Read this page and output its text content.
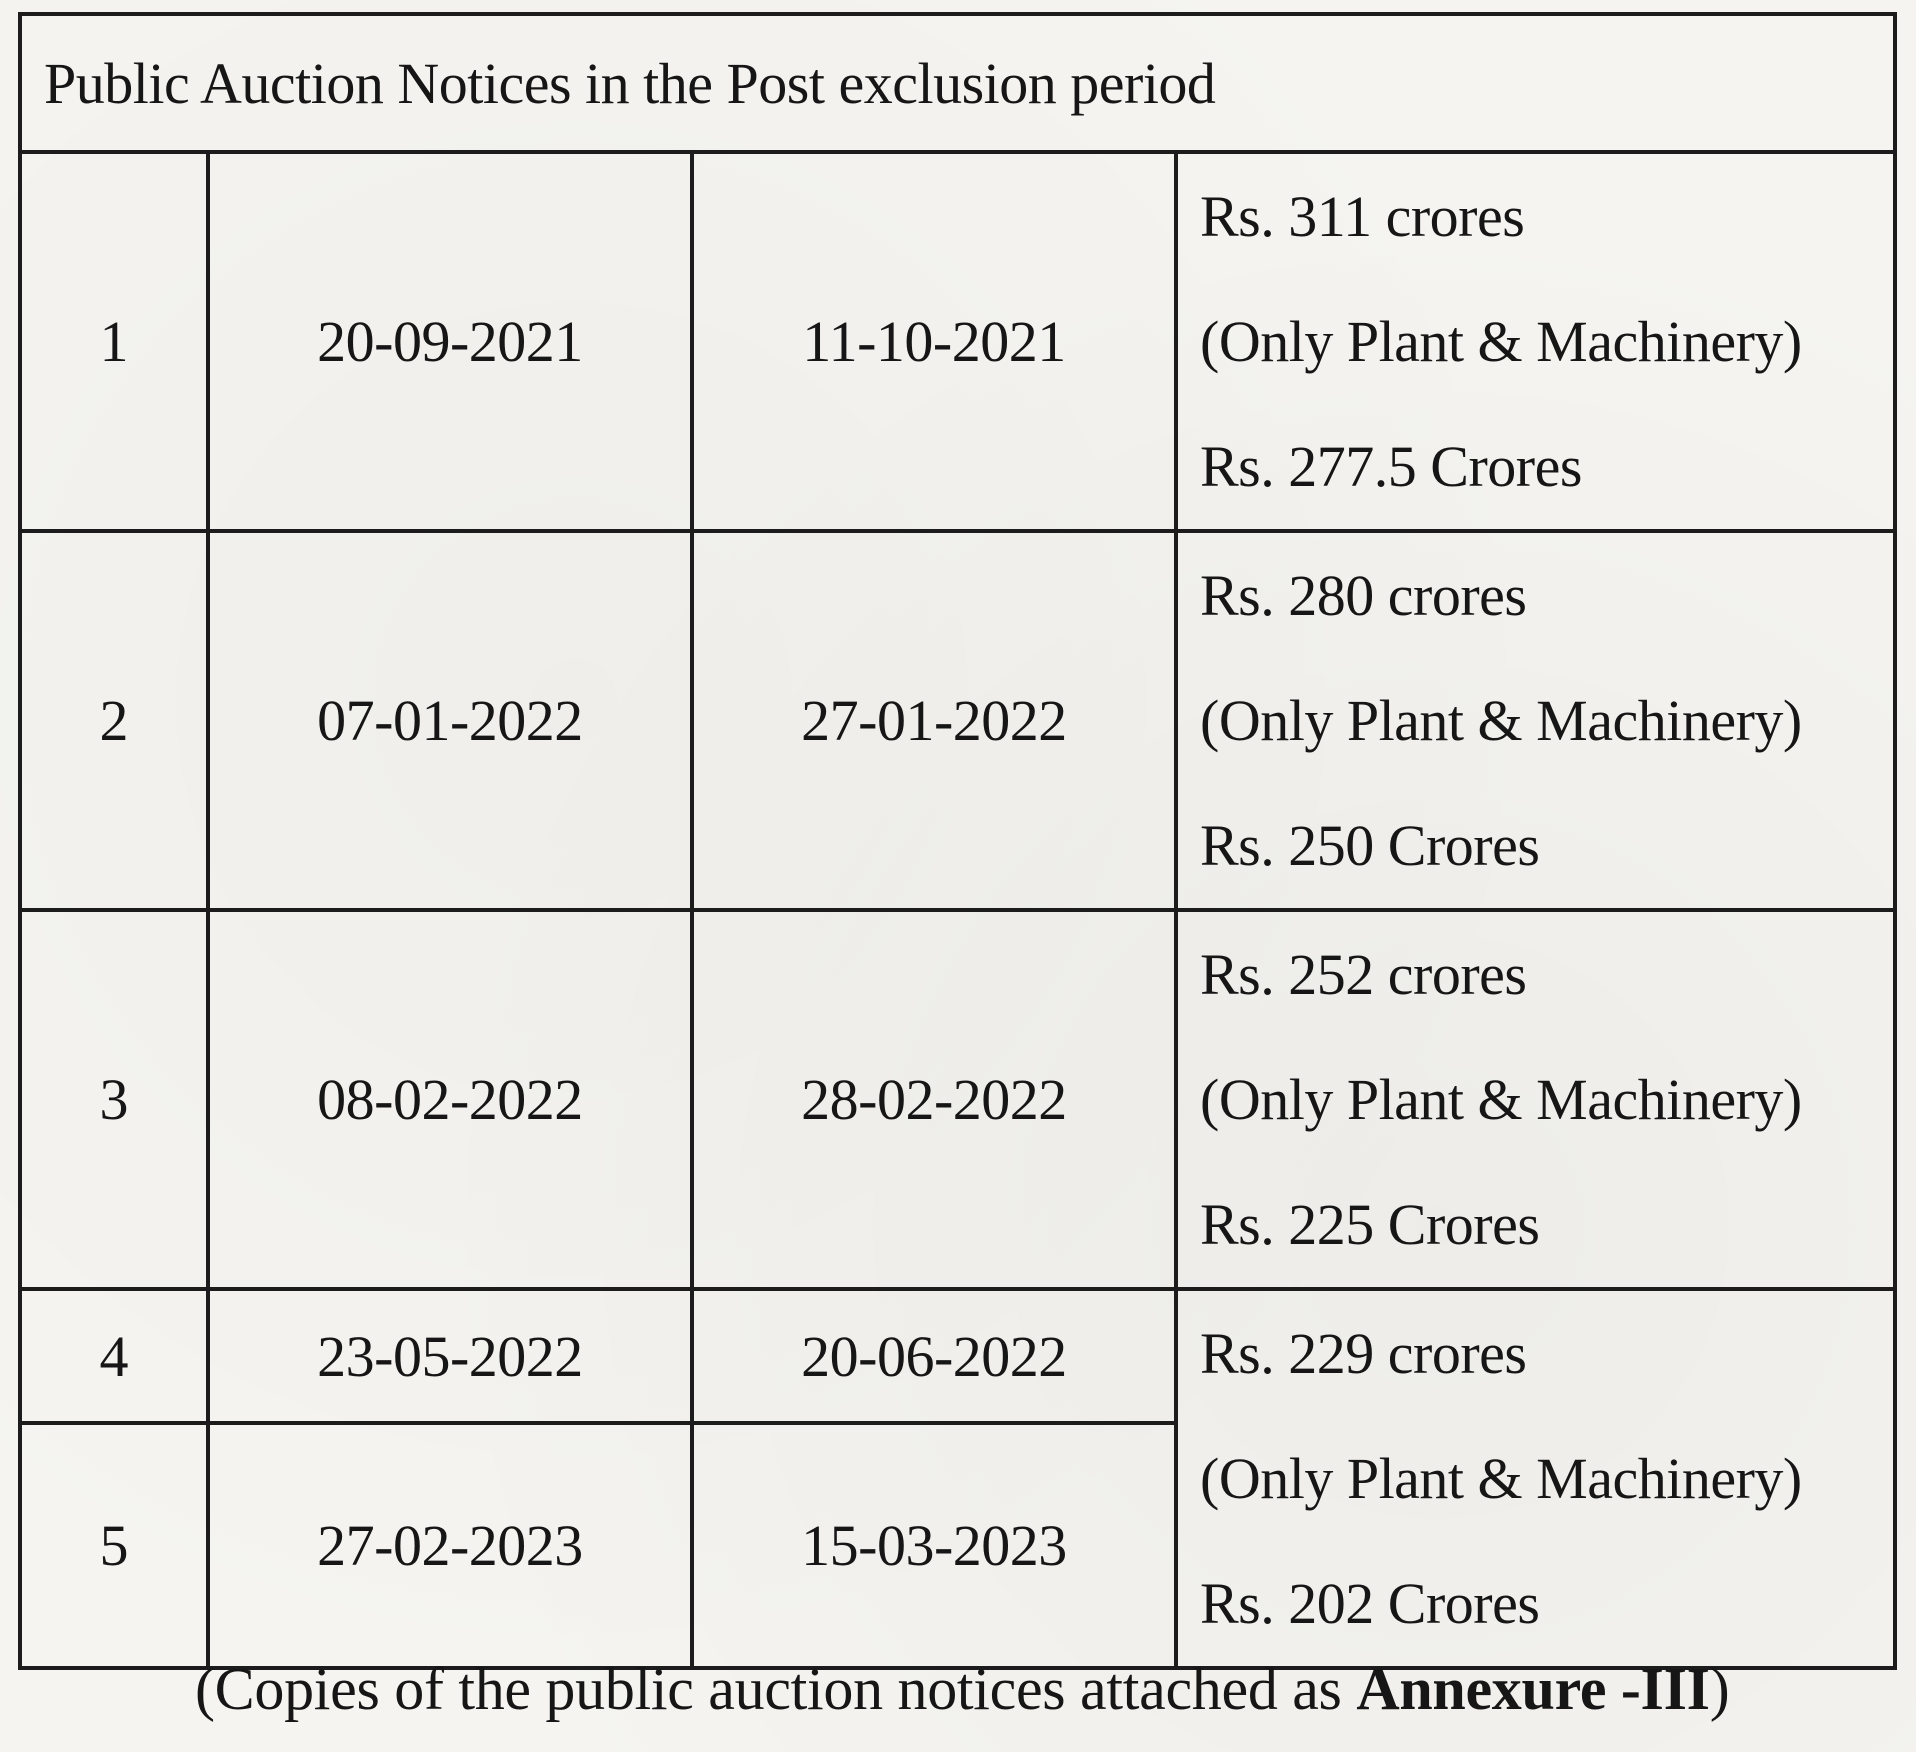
Public Auction Notices in the Post exclusion period			
1	20-09-2021	11-10-2021	Rs. 311 crores
(Only Plant & Machinery)
Rs. 277.5 Crores

2	07-01-2022	27-01-2022	Rs. 280 crores
(Only Plant & Machinery)
Rs. 250 Crores

3	08-02-2022	28-02-2022	Rs. 252 crores
(Only Plant & Machinery)
Rs. 225 Crores

4	23-05-2022	20-06-2022	Rs. 229 crores
(Only Plant & Machinery)
Rs. 202 Crores

5	27-02-2023	15-03-2023	
(Copies of the public auction notices attached as Annexure -III)
